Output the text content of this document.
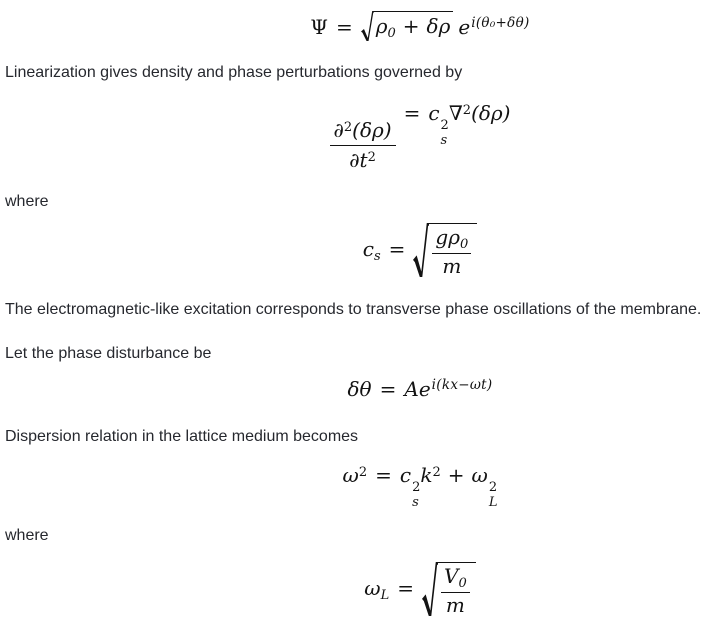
$\Psi = \rho_0 + \delta\rho$ $e^{i(\theta_0+\delta\theta)}$

Linearization gives density and phase perturbations governed by

$\frac{\partial^2(\delta\rho)}{\partial t^2}$
= c
2
s
∇$^2$(δρ)

where

$c_s = \frac{g\rho_0}{m}$

The electromagnetic-like excitation corresponds to transverse phase oscillations of the membrane.

Let the phase disturbance be

$\delta\theta = Ae^{i(kx-\omega t)}$

Dispersion relation in the lattice medium becomes

$\omega^2 = c$
2
s
$k^2 + \omega$
2
L

where

$\omega_L = \frac{V_0}{m}$
